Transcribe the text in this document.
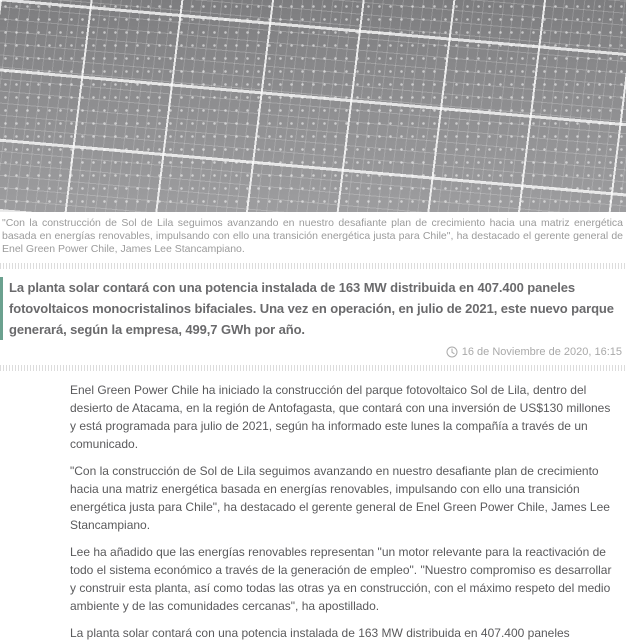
"Con la construcción de Sol de Lila seguimos avanzando en nuestro desafiante plan de crecimiento hacia una matriz energética basada en energías renovables, impulsando con ello una transición energética justa para Chile", ha destacado el gerente general de Enel Green Power Chile, James Lee Stancampiano.

La planta solar contará con una potencia instalada de 163 MW distribuida en 407.400 paneles fotovoltaicos monocristalinos bifaciales. Una vez en operación, en julio de 2021, este nuevo parque generará, según la empresa, 499,7 GWh por año.

16 de Noviembre de 2020, 16:15

Enel Green Power Chile ha iniciado la construcción del parque fotovoltaico Sol de Lila, dentro del desierto de Atacama, en la región de Antofagasta, que contará con una inversión de US$130 millones y está programada para julio de 2021, según ha informado este lunes la compañía a través de un comunicado.

"Con la construcción de Sol de Lila seguimos avanzando en nuestro desafiante plan de crecimiento hacia una matriz energética basada en energías renovables, impulsando con ello una transición energética justa para Chile", ha destacado el gerente general de Enel Green Power Chile, James Lee Stancampiano.

Lee ha añadido que las energías renovables representan "un motor relevante para la reactivación de todo el sistema económico a través de la generación de empleo". "Nuestro compromiso es desarrollar y construir esta planta, así como todas las otras ya en construcción, con el máximo respeto del medio ambiente y de las comunidades cercanas", ha apostillado.

La planta solar contará con una potencia instalada de 163 MW distribuida en 407.400 paneles
